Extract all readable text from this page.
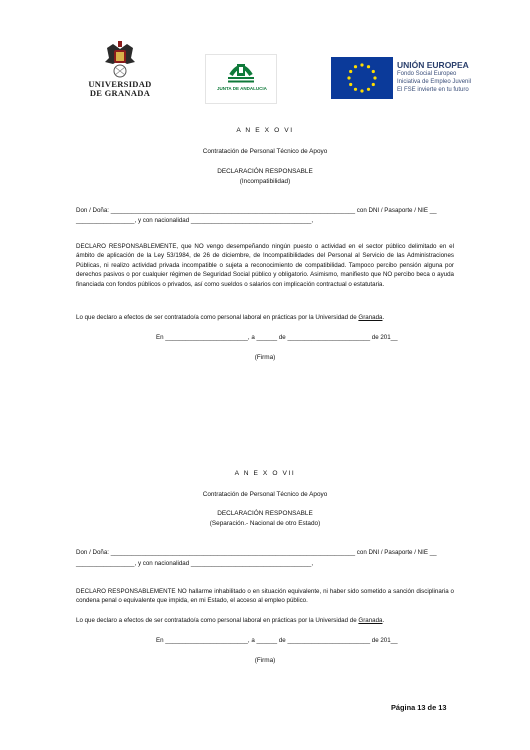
UNIVERSIDAD
DE GRANADA	JUNTA DE ANDALUCIA
UNIÓN EUROPEA
Fondo Social Europeo
Iniciativa de Empleo Juvenil
El FSE invierte en tu futuro
A N E X O VI
Contratación de Personal Técnico de Apoyo
DECLARACIÓN RESPONSABLE
(Incompatibilidad)
Don / Doña: _______________________________________________________________________ con DNI / Pasaporte / NIE __
_________________, y con nacionalidad ___________________________________,
DECLARO RESPONSABLEMENTE, que NO vengo desempeñando ningún puesto o actividad en el sector público delimitado en el ámbito de aplicación de la Ley 53/1984, de 26 de diciembre, de Incompatibilidades del Personal al Servicio de las Administraciones Públicas, ni realizo actividad privada incompatible o sujeta a reconocimiento de compatibilidad. Tampoco percibo pensión alguna por derechos pasivos o por cualquier régimen de Seguridad Social público y obligatorio. Asimismo, manifiesto que NO percibo beca o ayuda financiada con fondos públicos o privados, así como sueldos o salarios con implicación contractual o estatutaria.
Lo que declaro a efectos de ser contratado/a como personal laboral en prácticas por la Universidad de Granada.
En ________________________, a ______ de ________________________ de 201__
(Firma)
A N E X O VII
Contratación de Personal Técnico de Apoyo
DECLARACIÓN RESPONSABLE
(Separación.- Nacional de otro Estado)
Don / Doña: _______________________________________________________________________ con DNI / Pasaporte / NIE __
_________________, y con nacionalidad ___________________________________,
DECLARO RESPONSABLEMENTE NO hallarme inhabilitado o en situación equivalente, ni haber sido sometido a sanción disciplinaria o condena penal o equivalente que impida, en mi Estado, el acceso al empleo público.
Lo que declaro a efectos de ser contratado/a como personal laboral en prácticas por la Universidad de Granada.
En ________________________, a ______ de ________________________ de 201__
(Firma)
Página 13 de 13
